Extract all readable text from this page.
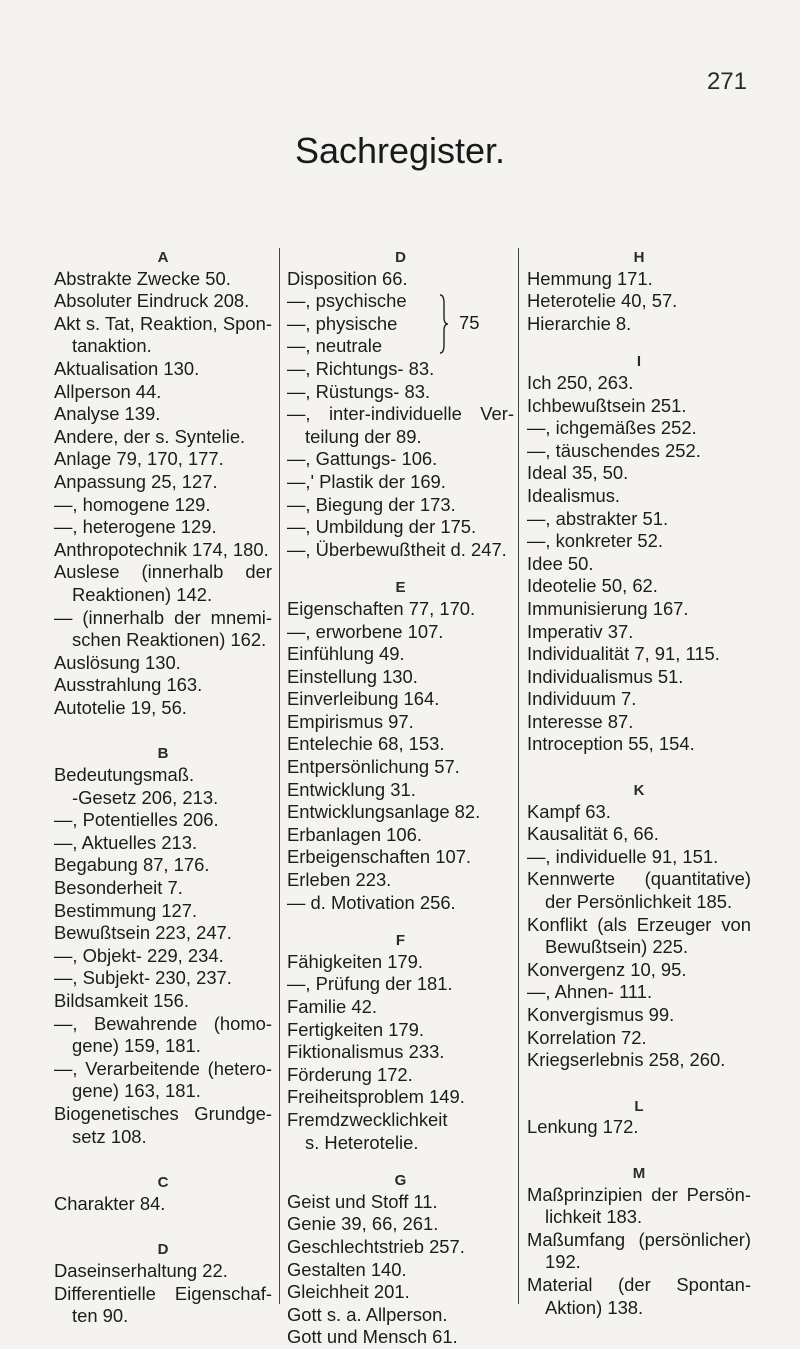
271
Sachregister.
A
Abstrakte Zwecke 50.
Absoluter Eindruck 208.
Akt s. Tat, Reaktion, Spon-
tanaktion.
Aktualisation 130.
Allperson 44.
Analyse 139.
Andere, der s. Syntelie.
Anlage 79, 170, 177.
Anpassung 25, 127.
—, homogene 129.
—, heterogene 129.
Anthropotechnik 174, 180.
Auslese (innerhalb der
Reaktionen) 142.
— (innerhalb der mnemi-
schen Reaktionen) 162.
Auslösung 130.
Ausstrahlung 163.
Autotelie 19, 56.
B
Bedeutungsmaß.
-Gesetz 206, 213.
—, Potentielles 206.
—, Aktuelles 213.
Begabung 87, 176.
Besonderheit 7.
Bestimmung 127.
Bewußtsein 223, 247.
—, Objekt- 229, 234.
—, Subjekt- 230, 237.
Bildsamkeit 156.
—, Bewahrende (homo-
gene) 159, 181.
—, Verarbeitende (hetero-
gene) 163, 181.
Biogenetisches Grundge-
setz 108.
C
Charakter 84.
D
Daseinserhaltung 22.
Differentielle Eigenschaf-
ten 90.
D
Disposition 66.
—, psychische
—, physische
—, neutrale
75
—, Richtungs- 83.
—, Rüstungs- 83.
—, inter-individuelle Ver-
teilung der 89.
—, Gattungs- 106.
—,' Plastik der 169.
—, Biegung der 173.
—, Umbildung der 175.
—, Überbewußtheit d. 247.
E
Eigenschaften 77, 170.
—, erworbene 107.
Einfühlung 49.
Einstellung 130.
Einverleibung 164.
Empirismus 97.
Entelechie 68, 153.
Entpersönlichung 57.
Entwicklung 31.
Entwicklungsanlage 82.
Erbanlagen 106.
Erbeigenschaften 107.
Erleben 223.
— d. Motivation 256.
F
Fähigkeiten 179.
—, Prüfung der 181.
Familie 42.
Fertigkeiten 179.
Fiktionalismus 233.
Förderung 172.
Freiheitsproblem 149.
Fremdzwecklichkeit
s. Heterotelie.
G
Geist und Stoff 11.
Genie 39, 66, 261.
Geschlechtstrieb 257.
Gestalten 140.
Gleichheit 201.
Gott s. a. Allperson.
Gott und Mensch 61.
H
Hemmung 171.
Heterotelie 40, 57.
Hierarchie 8.
I
Ich 250, 263.
Ichbewußtsein 251.
—, ichgemäßes 252.
—, täuschendes 252.
Ideal 35, 50.
Idealismus.
—, abstrakter 51.
—, konkreter 52.
Idee 50.
Ideotelie 50, 62.
Immunisierung 167.
Imperativ 37.
Individualität 7, 91, 115.
Individualismus 51.
Individuum 7.
Interesse 87.
Introception 55, 154.
K
Kampf 63.
Kausalität 6, 66.
—, individuelle 91, 151.
Kennwerte (quantitative)
der Persönlichkeit 185.
Konflikt (als Erzeuger von
Bewußtsein) 225.
Konvergenz 10, 95.
—, Ahnen- 111.
Konvergismus 99.
Korrelation 72.
Kriegserlebnis 258, 260.
L
Lenkung 172.
M
Maßprinzipien der Persön-
lichkeit 183.
Maßumfang (persönlicher)
192.
Material (der Spontan-
Aktion) 138.
